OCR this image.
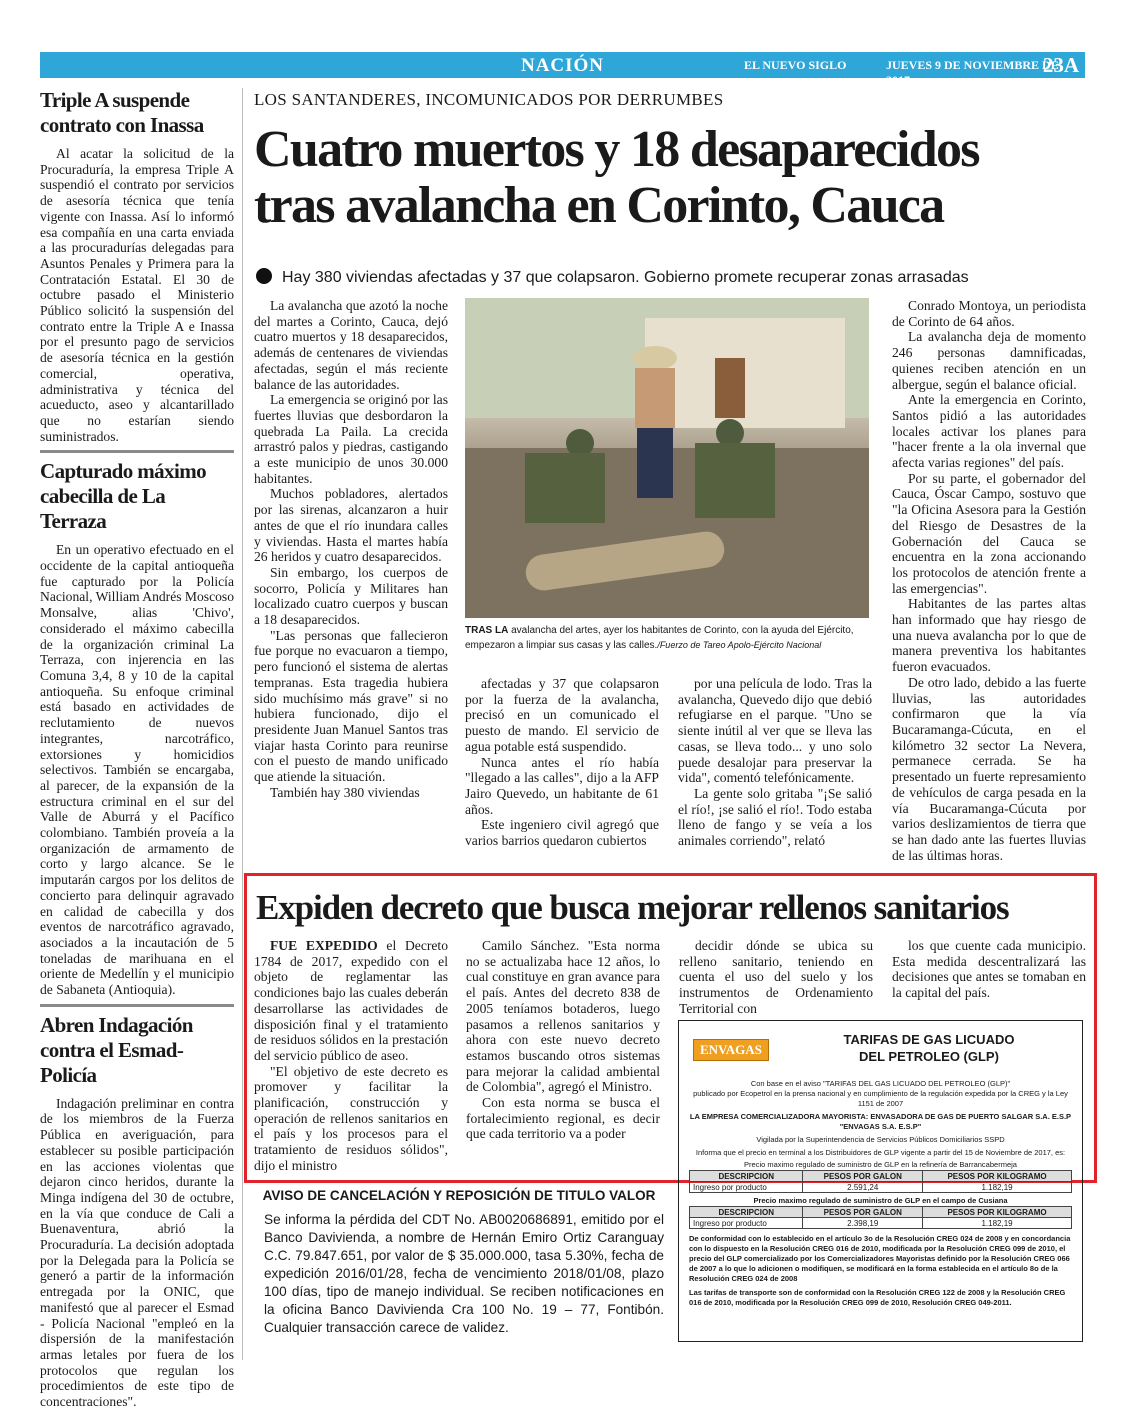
NACIÓN	EL NUEVO SIGLO	JUEVES 9 DE NOVIEMBRE DE 2017
23A
Triple A suspende contrato con Inassa

Al acatar la solicitud de la Procuraduría, la empresa Triple A suspendió el contrato por servicios de asesoría técnica que tenía vigente con Inassa. Así lo informó esa compañía en una carta enviada a las procuradurías delegadas para Asuntos Penales y Primera para la Contratación Estatal. El 30 de octubre pasado el Ministerio Público solicitó la suspensión del contrato entre la Triple A e Inassa por el presunto pago de servicios de asesoría técnica en la gestión comercial, operativa, administrativa y técnica del acueducto, aseo y alcantarillado que no estarían siendo suministrados.

Capturado máximo cabecilla de La Terraza

En un operativo efectuado en el occidente de la capital antioqueña fue capturado por la Policía Nacional, William Andrés Moscoso Monsalve, alias 'Chivo', considerado el máximo cabecilla de la organización criminal La Terraza, con injerencia en las Comuna 3,4, 8 y 10 de la capital antioqueña. Su enfoque criminal está basado en actividades de reclutamiento de nuevos integrantes, narcotráfico, extorsiones y homicidios selectivos. También se encargaba, al parecer, de la expansión de la estructura criminal en el sur del Valle de Aburrá y el Pacífico colombiano. También proveía a la organización de armamento de corto y largo alcance. Se le imputarán cargos por los delitos de concierto para delinquir agravado en calidad de cabecilla y dos eventos de narcotráfico agravado, asociados a la incautación de 5 toneladas de marihuana en el oriente de Medellín y el municipio de Sabaneta (Antioquia).

Abren Indagación contra el Esmad-Policía

Indagación preliminar en contra de los miembros de la Fuerza Pública en averiguación, para establecer su posible participación en las acciones violentas que dejaron cinco heridos, durante la Minga indígena del 30 de octubre, en la vía que conduce de Cali a Buenaventura, abrió la Procuraduría. La decisión adoptada por la Delegada para la Policía se generó a partir de la información entregada por la ONIC, que manifestó que al parecer el Esmad - Policía Nacional "empleó en la dispersión de la manifestación armas letales por fuera de los protocolos que regulan los procedimientos de este tipo de concentraciones".

LOS SANTANDERES, INCOMUNICADOS POR DERRUMBES
Cuatro muertos y 18 desaparecidos
tras avalancha en Corinto, Cauca
Hay 380 viviendas afectadas y 37 que colapsaron. Gobierno promete recuperar zonas arrasadas

La avalancha que azotó la noche del martes a Corinto, Cauca, dejó cuatro muertos y 18 desaparecidos, además de centenares de viviendas afectadas, según el más reciente balance de las autoridades.

La emergencia se originó por las fuertes lluvias que desbordaron la quebrada La Paila. La crecida arrastró palos y piedras, castigando a este municipio de unos 30.000 habitantes.

Muchos pobladores, alertados por las sirenas, alcanzaron a huir antes de que el río inundara calles y viviendas. Hasta el martes había 26 heridos y cuatro desaparecidos.

Sin embargo, los cuerpos de socorro, Policía y Militares han localizado cuatro cuerpos y buscan a 18 desaparecidos.

"Las personas que fallecieron fue porque no evacuaron a tiempo, pero funcionó el sistema de alertas tempranas. Esta tragedia hubiera sido muchísimo más grave" si no hubiera funcionado, dijo el presidente Juan Manuel Santos tras viajar hasta Corinto para reunirse con el puesto de mando unificado que atiende la situación.

También hay 380 viviendas

TRAS LA avalancha del artes, ayer los habitantes de Corinto, con la ayuda del Ejército, empezaron a limpiar sus casas y las calles./Fuerzo de Tareo Apolo-Ejército Nacional

afectadas y 37 que colapsaron por la fuerza de la avalancha, precisó en un comunicado el puesto de mando. El servicio de agua potable está suspendido.

Nunca antes el río había "llegado a las calles", dijo a la AFP Jairo Quevedo, un habitante de 61 años.

Este ingeniero civil agregó que varios barrios quedaron cubiertos

por una película de lodo. Tras la avalancha, Quevedo dijo que debió refugiarse en el parque. "Uno se siente inútil al ver que se lleva las casas, se lleva todo... y uno solo puede desalojar para preservar la vida", comentó telefónicamente.

La gente solo gritaba "¡Se salió el río!, ¡se salió el río!. Todo estaba lleno de fango y se veía a los animales corriendo", relató

Conrado Montoya, un periodista de Corinto de 64 años.

La avalancha deja de momento 246 personas damnificadas, quienes reciben atención en un albergue, según el balance oficial.

Ante la emergencia en Corinto, Santos pidió a las autoridades locales activar los planes para "hacer frente a la ola invernal que afecta varias regiones" del país.

Por su parte, el gobernador del Cauca, Óscar Campo, sostuvo que "la Oficina Asesora para la Gestión del Riesgo de Desastres de la Gobernación del Cauca se encuentra en la zona accionando los protocolos de atención frente a las emergencias".

Habitantes de las partes altas han informado que hay riesgo de una nueva avalancha por lo que de manera preventiva los habitantes fueron evacuados.

De otro lado, debido a las fuerte lluvias, las autoridades confirmaron que la vía Bucaramanga-Cúcuta, en el kilómetro 32 sector La Nevera, permanece cerrada. Se ha presentado un fuerte represamiento de vehículos de carga pesada en la vía Bucaramanga-Cúcuta por varios deslizamientos de tierra que se han dado ante las fuertes lluvias de las últimas horas.

Expiden decreto que busca mejorar rellenos sanitarios

FUE EXPEDIDO el Decreto 1784 de 2017, expedido con el objeto de reglamentar las condiciones bajo las cuales deberán desarrollarse las actividades de disposición final y el tratamiento de residuos sólidos en la prestación del servicio público de aseo.

"El objetivo de este decreto es promover y facilitar la planificación, construcción y operación de rellenos sanitarios en el país y los procesos para el tratamiento de residuos sólidos", dijo el ministro

Camilo Sánchez. "Esta norma no se actualizaba hace 12 años, lo cual constituye en gran avance para el país. Antes del decreto 838 de 2005 teníamos botaderos, luego pasamos a rellenos sanitarios y ahora con este nuevo decreto estamos buscando otros sistemas para mejorar la calidad ambiental de Colombia", agregó el Ministro.

Con esta norma se busca el fortalecimiento regional, es decir que cada territorio va a poder

decidir dónde se ubica su relleno sanitario, teniendo en cuenta el uso del suelo y los instrumentos de Ordenamiento Territorial con

los que cuente cada municipio. Esta medida descentralizará las decisiones que antes se tomaban en la capital del país.

ENVAGAS
TARIFAS DE GAS LICUADO
DEL PETROLEO (GLP)
Con base en el aviso "TARIFAS DEL GAS LICUADO DEL PETROLEO (GLP)"
publicado por Ecopetrol en la prensa nacional y en cumplimiento de la regulación expedida por la CREG y la Ley 1151 de 2007
LA EMPRESA COMERCIALIZADORA MAYORISTA: ENVASADORA DE GAS DE PUERTO SALGAR S.A. E.S.P "ENVAGAS S.A. E.S.P"
Vigilada por la Superintendencia de Servicios Públicos Domiciliarios SSPD
Informa que el precio en terminal a los Distribuidores de GLP vigente a partir del 15 de Noviembre de 2017, es:
Precio maximo regulado de suministro de GLP en la refinería de Barrancabermeja
DESCRIPCION	PESOS POR GALON	PESOS POR KILOGRAMO
Ingreso por producto	2.591,24	1.182,19
Precio maximo regulado de suministro de GLP en el campo de Cusiana
DESCRIPCION	PESOS POR GALON	PESOS POR KILOGRAMO
Ingreso por producto	2.398,19	1.182,19
De conformidad con lo establecido en el artículo 3o de la Resolución CREG 024 de 2008 y en concordancia con lo dispuesto en la Resolución CREG 016 de 2010, modificada por la Resolución CREG 099 de 2010, el precio del GLP comercializado por los Comercializadores Mayoristas definido por la Resolución CREG 066 de 2007 a lo que lo adicionen o modifiquen, se modificará en la forma establecida en el artículo 8o de la Resolución CREG 024 de 2008
Las tarifas de transporte son de conformidad con la Resolución CREG 122 de 2008 y la Resolución CREG 016 de 2010, modificada por la Resolución CREG 099 de 2010, Resolución CREG 049-2011.
AVISO DE CANCELACIÓN Y REPOSICIÓN DE TITULO VALOR
Se informa la pérdida del CDT No. AB0020686891, emitido por el Banco Davivienda, a nombre de Hernán Emiro Ortiz Caranguay C.C. 79.847.651, por valor de $ 35.000.000, tasa 5.30%, fecha de expedición 2016/01/28, fecha de vencimiento 2018/01/08, plazo 100 días, tipo de manejo individual. Se reciben notificaciones en la oficina Banco Davivienda Cra 100 No. 19 – 77, Fontibón. Cualquier transacción carece de validez.
